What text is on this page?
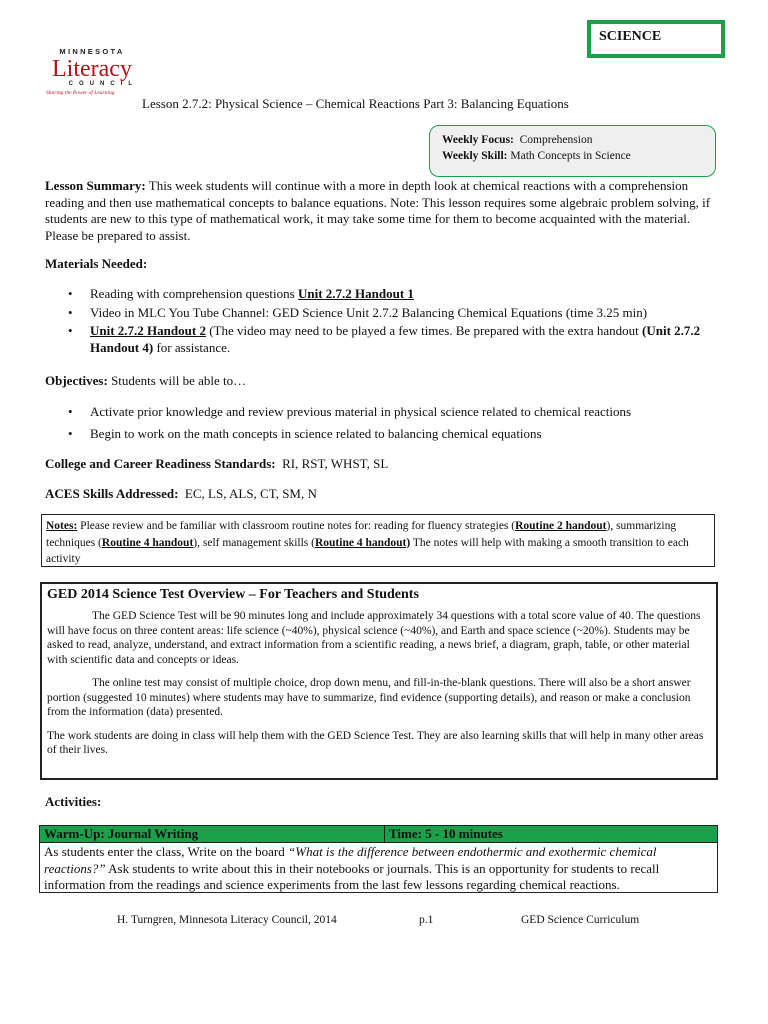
SCIENCE
MINNESOTA
Literacy
COUNCIL
Sharing the Power of Learning
Lesson 2.7.2: Physical Science – Chemical Reactions Part 3: Balancing Equations
Weekly Focus: Comprehension
Weekly Skill: Math Concepts in Science

Lesson Summary: This week students will continue with a more in depth look at chemical reactions with a comprehension reading and then use mathematical concepts to balance equations. Note: This lesson requires some algebraic problem solving, if students are new to this type of mathematical work, it may take some time for them to become acquainted with the material. Please be prepared to assist.

Materials Needed:
• Reading with comprehension questions Unit 2.7.2 Handout 1
• Video in MLC You Tube Channel: GED Science Unit 2.7.2 Balancing Chemical Equations (time 3.25 min)
• Unit 2.7.2 Handout 2 (The video may need to be played a few times. Be prepared with the extra handout (Unit 2.7.2 Handout 4) for assistance.
Objectives: Students will be able to…
• Activate prior knowledge and review previous material in physical science related to chemical reactions
• Begin to work on the math concepts in science related to balancing chemical equations
College and Career Readiness Standards: RI, RST, WHST, SL
ACES Skills Addressed: EC, LS, ALS, CT, SM, N
Notes: Please review and be familiar with classroom routine notes for: reading for fluency strategies (Routine 2 handout), summarizing techniques (Routine 4 handout), self management skills (Routine 4 handout) The notes will help with making a smooth transition to each activity
GED 2014 Science Test Overview – For Teachers and Students

The GED Science Test will be 90 minutes long and include approximately 34 questions with a total score value of 40. The questions will have focus on three content areas: life science (~40%), physical science (~40%), and Earth and space science (~20%). Students may be asked to read, analyze, understand, and extract information from a scientific reading, a news brief, a diagram, graph, table, or other material with scientific data and concepts or ideas.

The online test may consist of multiple choice, drop down menu, and fill-in-the-blank questions. There will also be a short answer portion (suggested 10 minutes) where students may have to summarize, find evidence (supporting details), and reason or make a conclusion from the information (data) presented.

The work students are doing in class will help them with the GED Science Test. They are also learning skills that will help in many other areas of their lives.

Activities:
Warm-Up: Journal Writing	Time: 5 - 10 minutes
As students enter the class, Write on the board “What is the difference between endothermic and exothermic chemical reactions?” Ask students to write about this in their notebooks or journals. This is an opportunity for students to recall information from the readings and science experiments from the last few lessons regarding chemical reactions.
H. Turngren, Minnesota Literacy Council, 2014	p.1	GED Science Curriculum
